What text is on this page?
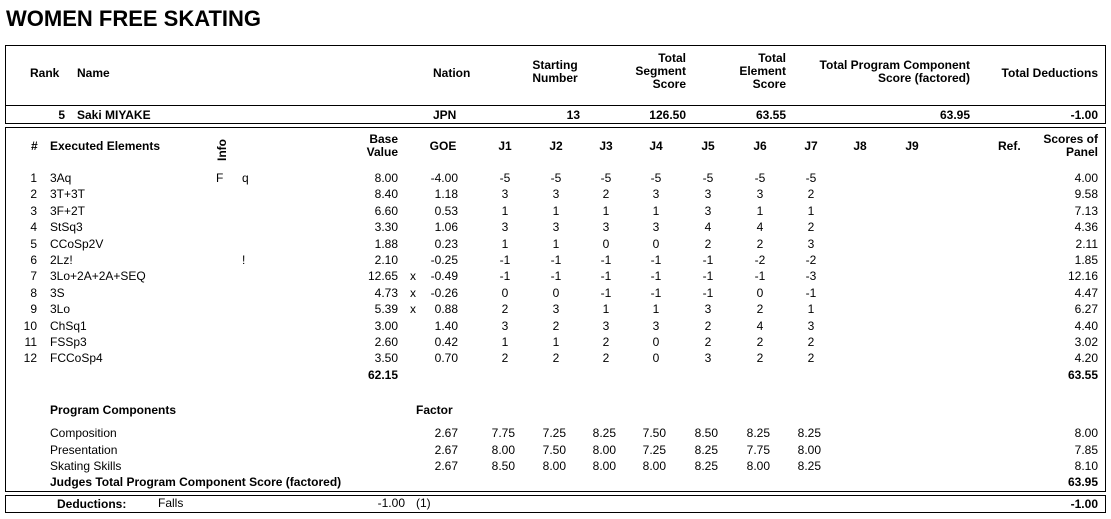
WOMEN FREE SKATING
Rank Name	Nation
Starting
Number
Total
Segment
Score
Total
Element
Score
Total Program Component
Score (factored)	Total Deductions
5 Saki MIYAKE	JPN	13	126.50	63.55	63.95	-1.00
# Executed Elements	Info	Base
Value	GOE	J1	J2	J3	J4	J5	J6	J7	J8	J9	Ref.	Scores of
Panel
1 3Aq	F q	8.00	-4.00	-5	-5	-5	-5	-5	-5	-5	4.00
2 3T+3T	8.40	1.18	3	3	2	3	3	3	2	9.58
3 3F+2T	6.60	0.53	1	1	1	1	3	1	1	7.13
4 StSq3	3.30	1.06	3	3	3	3	4	4	2	4.36
5 CCoSp2V	1.88	0.23	1	1	0	0	2	2	3	2.11
6 2Lz!	!	2.10	-0.25	-1	-1	-1	-1	-1	-2	-2	1.85
7 3Lo+2A+2A+SEQ	12.65 x	-0.49	-1	-1	-1	-1	-1	-1	-3	12.16
8 3S	4.73 x	-0.26	0	0	-1	-1	-1	0	-1	4.47
9 3Lo	5.39 x	0.88	2	3	1	1	3	2	1	6.27
10 ChSq1	3.00	1.40	3	2	3	3	2	4	3	4.40
11 FSSp3	2.60	0.42	1	1	2	0	2	2	2	3.02
12 FCCoSp4	3.50	0.70	2	2	2	0	3	2	2	4.20
62.15	63.55
Program Components	Factor
Composition	2.67	7.75	7.25	8.25	7.50	8.50	8.25	8.25	8.00
Presentation	2.67	8.00	7.50	8.00	7.25	8.25	7.75	8.00	7.85
Skating Skills	2.67	8.50	8.00	8.00	8.00	8.25	8.00	8.25	8.10
Judges Total Program Component Score (factored)	63.95
Deductions:	Falls	-1.00 (1)	-1.00
